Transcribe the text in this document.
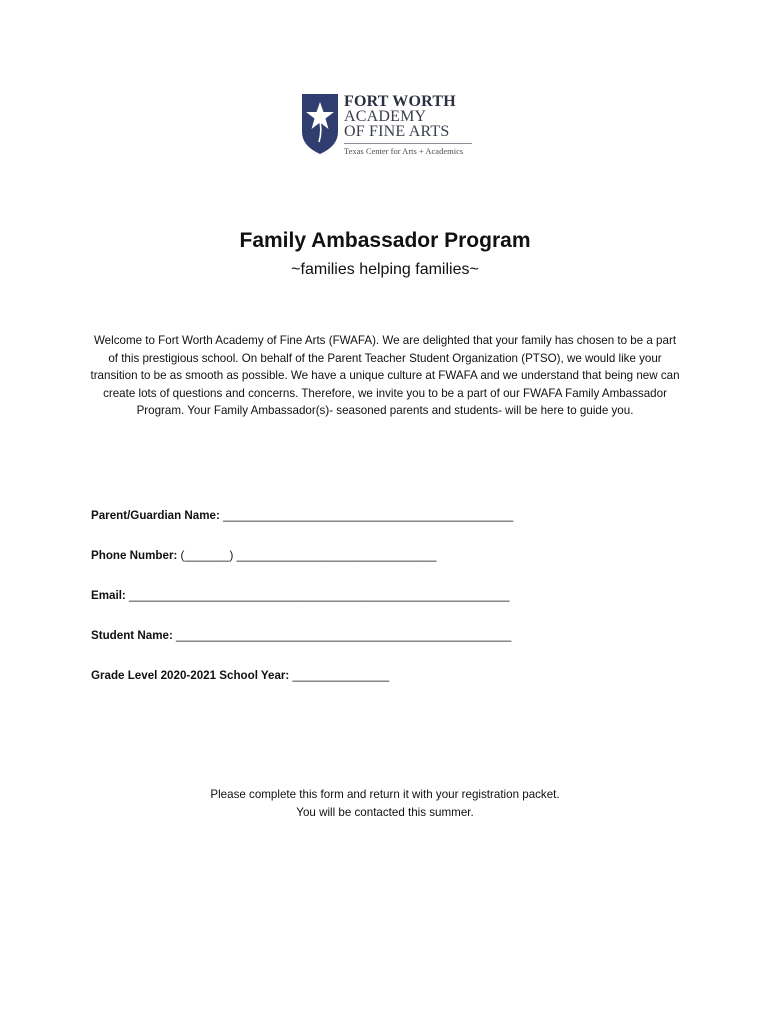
FORT WORTH
ACADEMY
OF FINE ARTS
Texas Center for Arts + Academics
Family Ambassador Program

~families helping families~

Welcome to Fort Worth Academy of Fine Arts (FWAFA). We are delighted that your family has chosen to be a part of this prestigious school. On behalf of the Parent Teacher Student Organization (PTSO), we would like your transition to be as smooth as possible. We have a unique culture at FWAFA and we understand that being new can create lots of questions and concerns. Therefore, we invite you to be a part of our FWAFA Family Ambassador Program. Your Family Ambassador(s)- seasoned parents and students- will be here to guide you.

Parent/Guardian Name: _____________________________________________
Phone Number: (_______) _______________________________
Email: ___________________________________________________________
Student Name: ____________________________________________________
Grade Level 2020-2021 School Year: _______________

Please complete this form and return it with your registration packet.
You will be contacted this summer.
